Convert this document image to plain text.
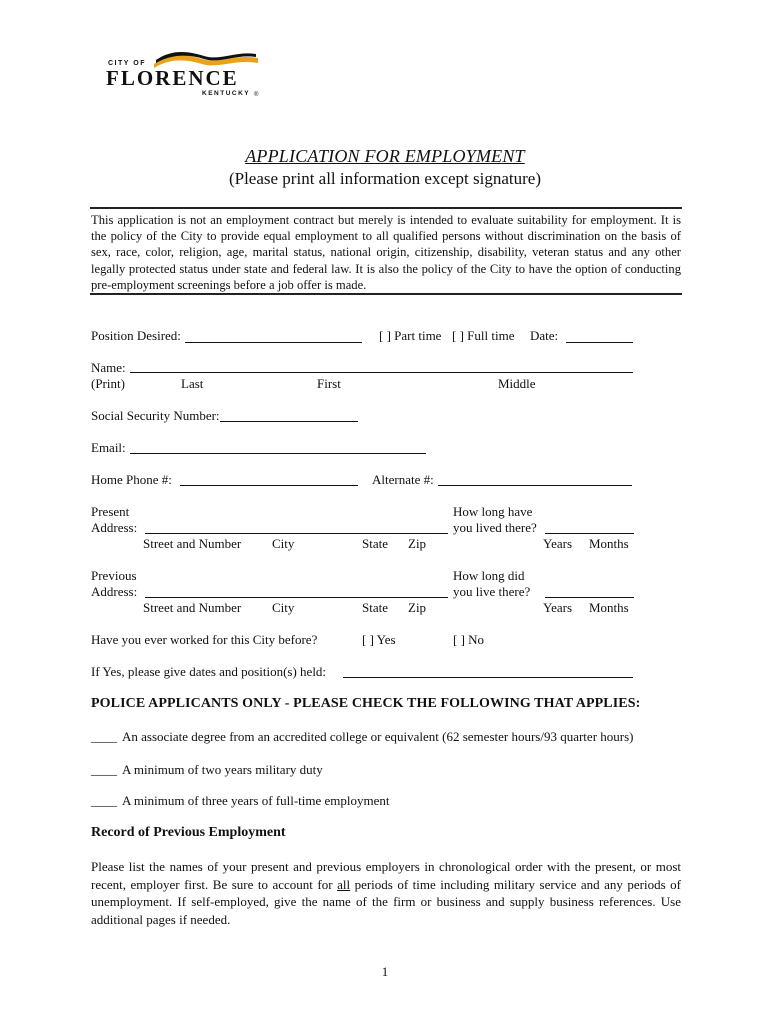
CITY OF
FLORENCE
KENTUCKY ®
APPLICATION FOR EMPLOYMENT
(Please print all information except signature)
This application is not an employment contract but merely is intended to evaluate suitability for employment. It is the policy of the City to provide equal employment to all qualified persons without discrimination on the basis of sex, race, color, religion, age, marital status, national origin, citizenship, disability, veteran status and any other legally protected status under state and federal law. It is also the policy of the City to have the option of conducting pre-employment screenings before a job offer is made.
Position Desired:	[ ] Part time [ ] Full time Date:
Name:
(Print)	Last	First	Middle
Social Security Number:
Email:
Home Phone #:	Alternate #:
Present	How long have
Address:	you lived there?
Street and Number City	State Zip	Years Months
Previous	How long did
Address:	you live there?
Street and Number City	State Zip	Years Months
Have you ever worked for this City before?	[ ] Yes	[ ] No
If Yes, please give dates and position(s) held:
POLICE APPLICANTS ONLY - PLEASE CHECK THE FOLLOWING THAT APPLIES:
____ An associate degree from an accredited college or equivalent (62 semester hours/93 quarter hours)
____ A minimum of two years military duty
____ A minimum of three years of full-time employment
Record of Previous Employment
Please list the names of your present and previous employers in chronological order with the present, or most recent, employer first. Be sure to account for all periods of time including military service and any periods of unemployment. If self-employed, give the name of the firm or business and supply business references. Use additional pages if needed.
1
